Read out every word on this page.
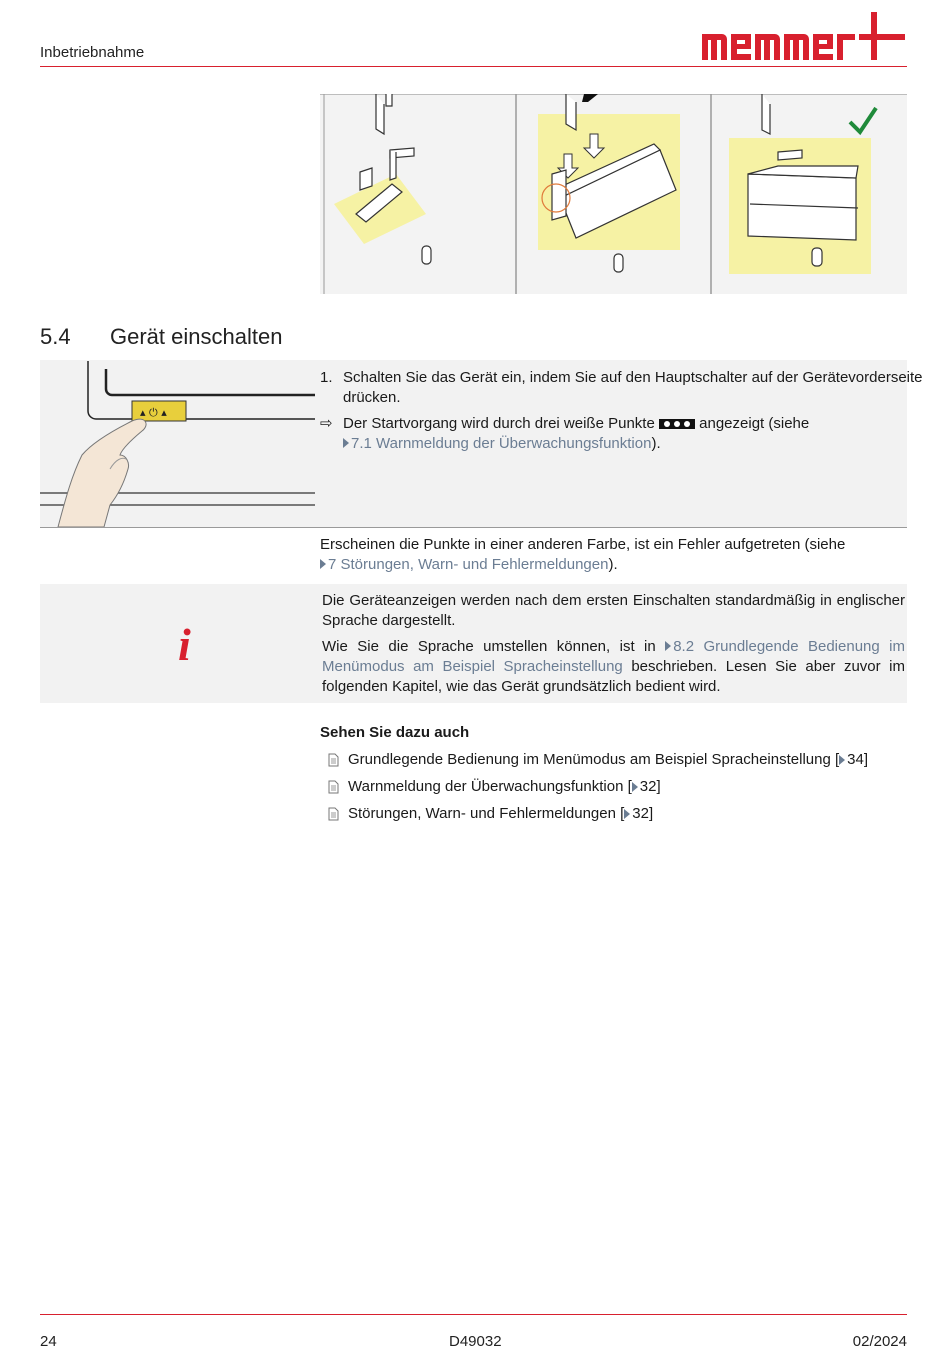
Inbetriebnahme
5.4 Gerät einschalten
▴ ⏻ ▴
1. Schalten Sie das Gerät ein, indem Sie auf den Hauptschalter auf der Gerätevorderseite
drücken.
⇨ Der Startvorgang wird durch drei weiße Punkte	angezeigt (siehe
7.1 Warnmeldung der Überwachungsfunktion).
Erscheinen die Punkte in einer anderen Farbe, ist ein Fehler aufgetreten (siehe
7 Störungen, Warn- und Fehlermeldungen).
i
Die Geräteanzeigen werden nach dem ersten Einschalten standardmäßig in englischer Sprache dargestellt.
Wie Sie die Sprache umstellen können, ist in 8.2 Grundlegende Bedienung im Menümodus am Beispiel Spracheinstellung beschrieben. Lesen Sie aber zuvor im folgenden Kapitel, wie das Gerät grundsätzlich bedient wird.
Sehen Sie dazu auch
Grundlegende Bedienung im Menümodus am Beispiel Spracheinstellung [ 34 ]
Warnmeldung der Überwachungsfunktion [ 32 ]
Störungen, Warn- und Fehlermeldungen [ 32 ]
24	D49032	02/2024
